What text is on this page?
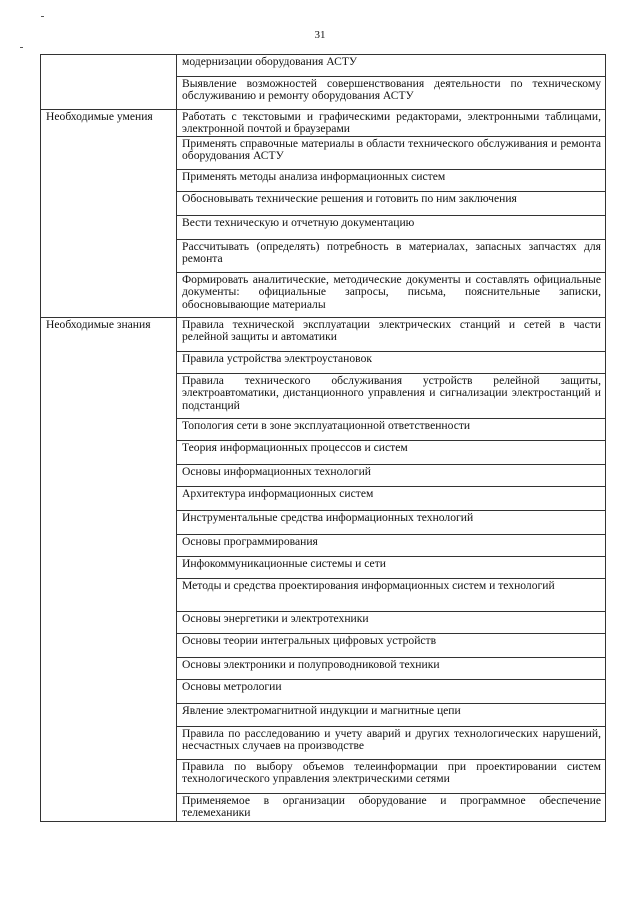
31
	модернизации оборудования АСТУ
	Выявление возможностей совершенствования деятельности по техническому обслуживанию и ремонту оборудования АСТУ
Необходимые умения	Работать с текстовыми и графическими редакторами, электронными таблицами, электронной почтой и браузерами
	Применять справочные материалы в области технического обслуживания и ремонта оборудования АСТУ
	Применять методы анализа информационных систем
	Обосновывать технические решения и готовить по ним заключения
	Вести техническую и отчетную документацию
	Рассчитывать (определять) потребность в материалах, запасных запчастях для ремонта
	Формировать аналитические, методические документы и составлять официальные документы: официальные запросы, письма, пояснительные записки, обосновывающие материалы
Необходимые знания	Правила технической эксплуатации электрических станций и сетей в части релейной защиты и автоматики
	Правила устройства электроустановок
	Правила технического обслуживания устройств релейной защиты, электроавтоматики, дистанционного управления и сигнализации электростанций и подстанций
	Топология сети в зоне эксплуатационной ответственности
	Теория информационных процессов и систем
	Основы информационных технологий
	Архитектура информационных систем
	Инструментальные средства информационных технологий
	Основы программирования
	Инфокоммуникационные системы и сети
	Методы и средства проектирования информационных систем и технологий
	Основы энергетики и электротехники
	Основы теории интегральных цифровых устройств
	Основы электроники и полупроводниковой техники
	Основы метрологии
	Явление электромагнитной индукции и магнитные цепи
	Правила по расследованию и учету аварий и других технологических нарушений, несчастных случаев на производстве
	Правила по выбору объемов телеинформации при проектировании систем технологического управления электрическими сетями
	Применяемое в организации оборудование и программное обеспечение телемеханики
